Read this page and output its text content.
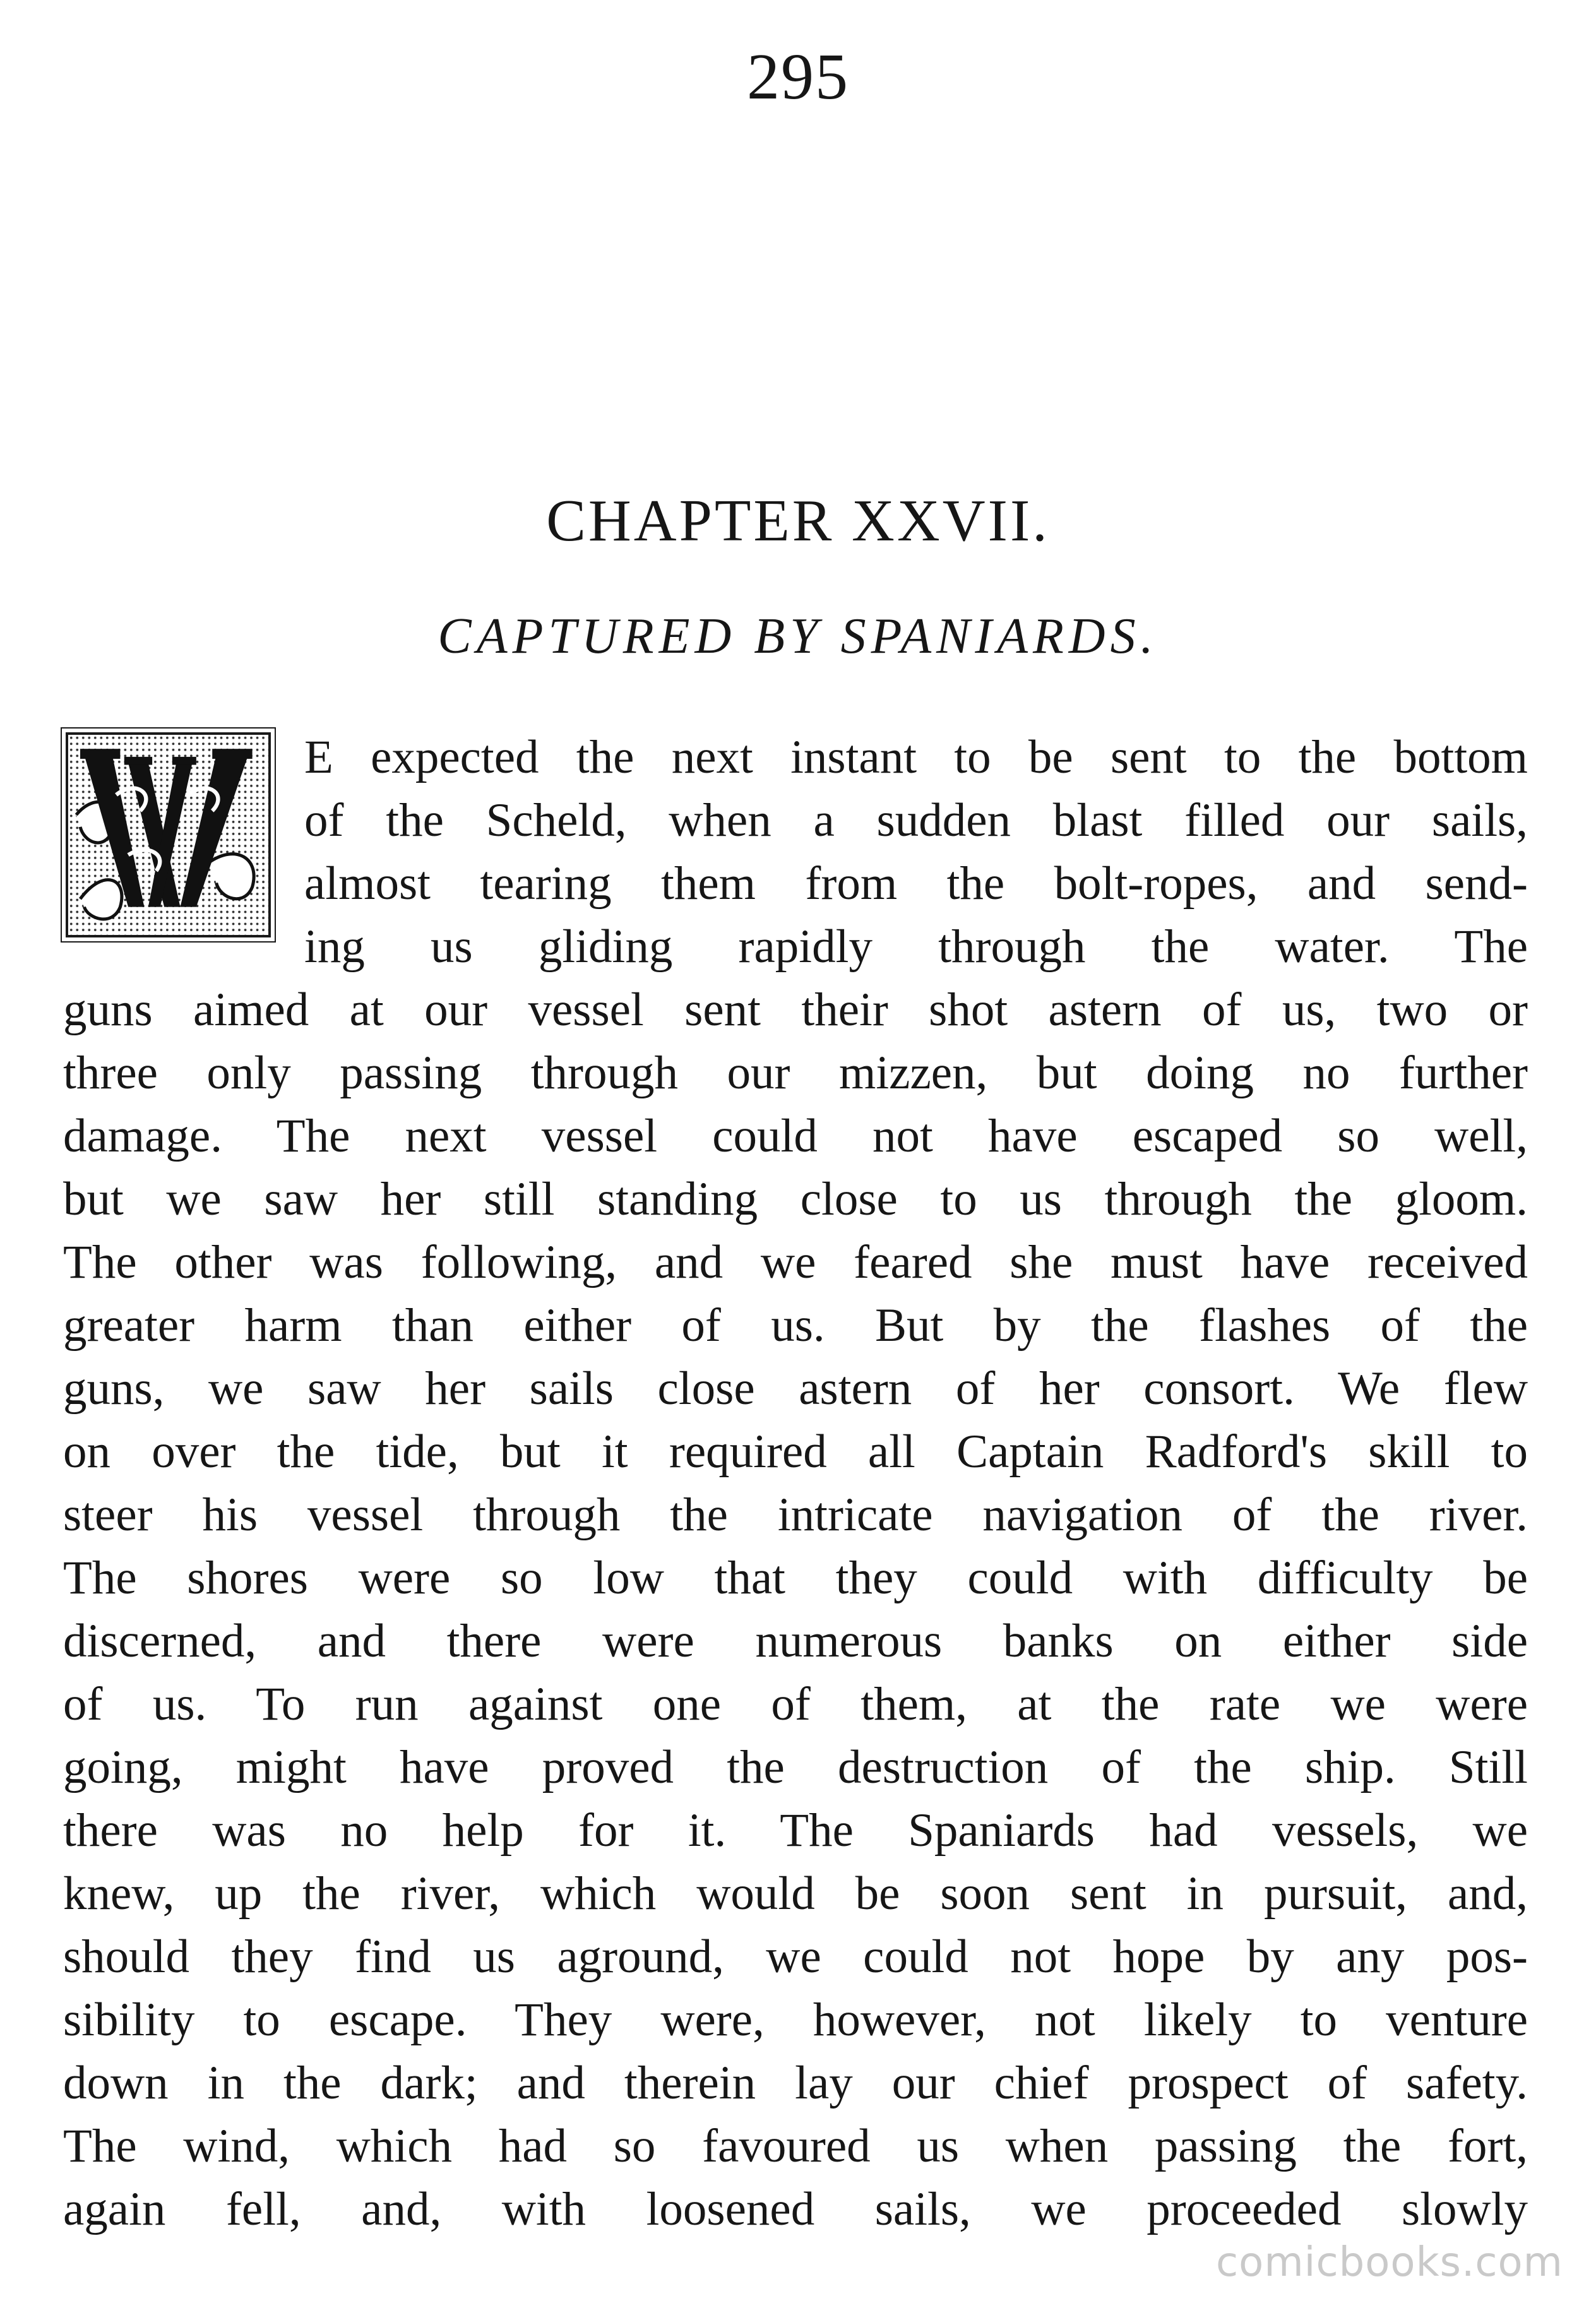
295
CHAPTER XXVII.
CAPTURED BY SPANIARDS.
E expected the next instant to be sent to the bottom
of the Scheld, when a sudden blast filled our sails,
almost tearing them from the bolt-ropes, and send-
ing us gliding rapidly through the water. The
guns aimed at our vessel sent their shot astern of us, two or
three only passing through our mizzen, but doing no further
damage. The next vessel could not have escaped so well,
but we saw her still standing close to us through the gloom.
The other was following, and we feared she must have received
greater harm than either of us. But by the flashes of the
guns, we saw her sails close astern of her consort. We flew
on over the tide, but it required all Captain Radford's skill to
steer his vessel through the intricate navigation of the river.
The shores were so low that they could with difficulty be
discerned, and there were numerous banks on either side
of us. To run against one of them, at the rate we were
going, might have proved the destruction of the ship. Still
there was no help for it. The Spaniards had vessels, we
knew, up the river, which would be soon sent in pursuit, and,
should they find us aground, we could not hope by any pos-
sibility to escape. They were, however, not likely to venture
down in the dark; and therein lay our chief prospect of safety.
The wind, which had so favoured us when passing the fort,
again fell, and, with loosened sails, we proceeded slowly
comicbooks.com
